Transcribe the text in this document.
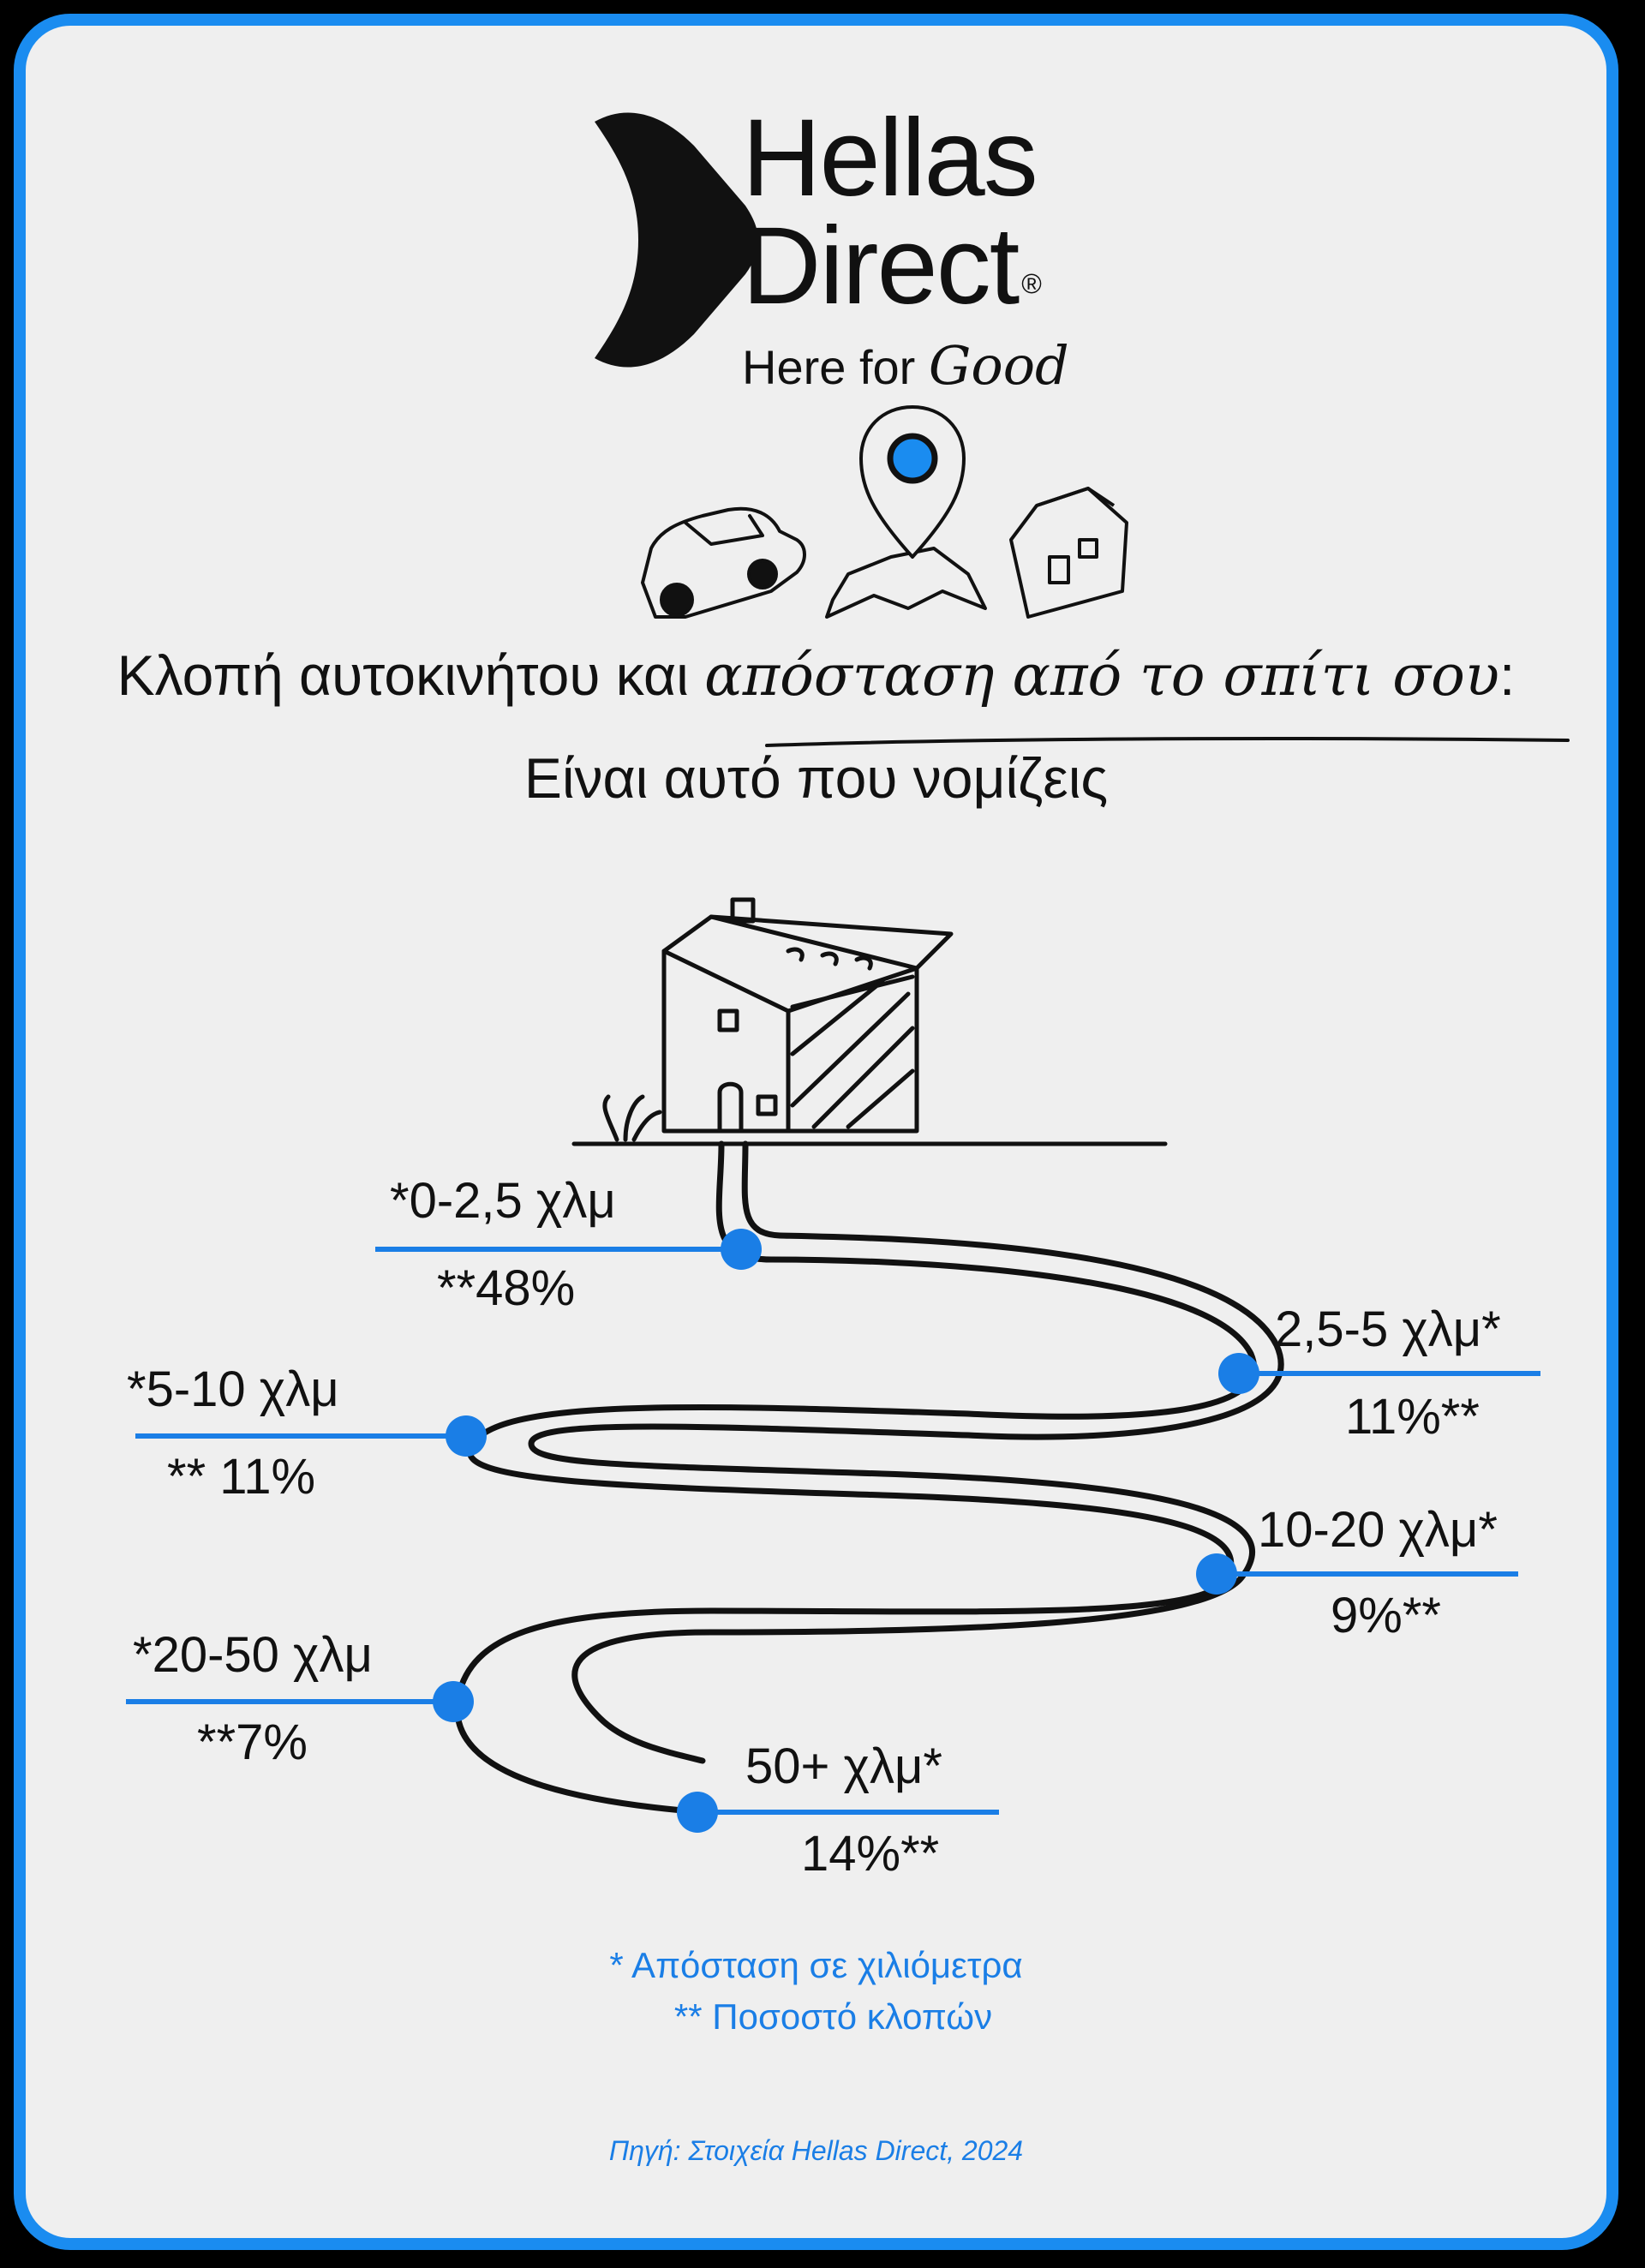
Hellas
Direct ®
Here for Good
Κλοπή αυτοκινήτου και απόσταση από το σπίτι σου:
Είναι αυτό που νομίζεις
*0-2,5 χλμ
**48%
2,5-5 χλμ*
11%**
*5-10 χλμ
** 11%
10-20 χλμ*
9%**
*20-50 χλμ
**7%	50+ χλμ*
14%**
* Απόσταση σε χιλιόμετρα
** Ποσοστό κλοπών
Πηγή: Στοιχεία Hellas Direct, 2024
